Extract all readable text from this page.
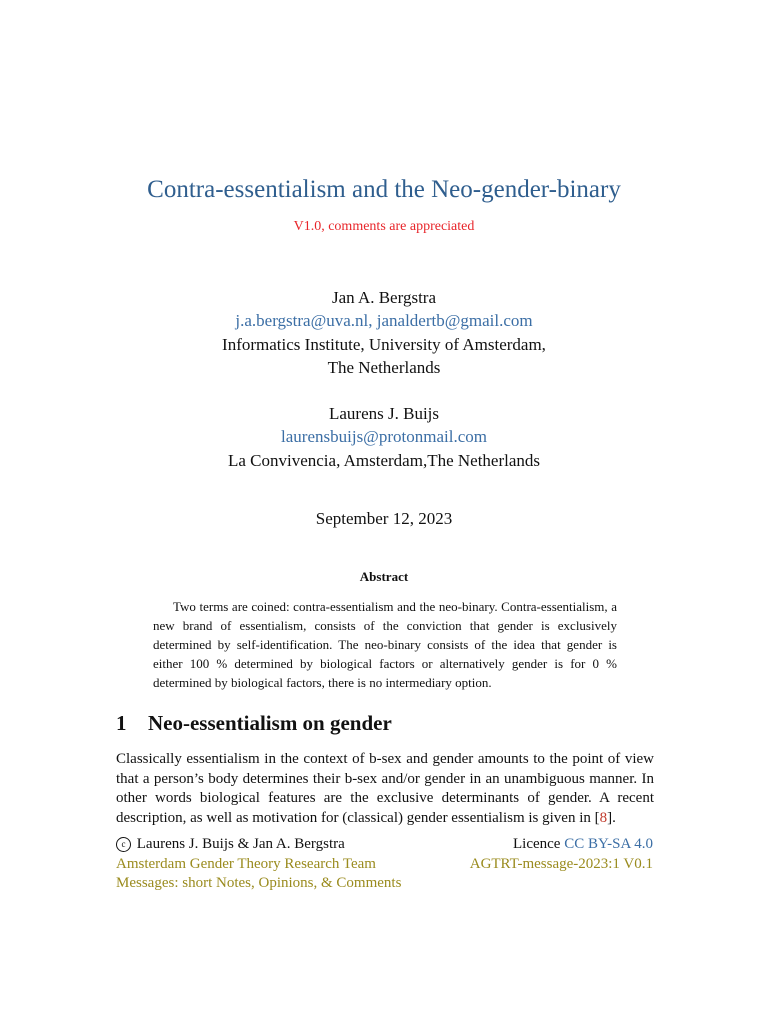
Contra-essentialism and the Neo-gender-binary
V1.0, comments are appreciated
Jan A. Bergstra
j.a.bergstra@uva.nl, janaldertb@gmail.com
Informatics Institute, University of Amsterdam,
The Netherlands
Laurens J. Buijs
laurensbuijs@protonmail.com
La Convivencia, Amsterdam,The Netherlands
September 12, 2023
Abstract

Two terms are coined: contra-essentialism and the neo-binary. Contra-essentialism, a new brand of essentialism, consists of the conviction that gender is exclusively determined by self-identification. The neo-binary consists of the idea that gender is either 100 % determined by biological factors or alternatively gender is for 0 % determined by biological factors, there is no intermediary option.

1 Neo-essentialism on gender

Classically essentialism in the context of b-sex and gender amounts to the point of view that a person’s body determines their b-sex and/or gender in an unambiguous manner. In other words biological features are the exclusive determinants of gender. A recent description, as well as motivation for (classical) gender essentialism is given in [8].

c Laurens J. Buijs & Jan A. Bergstra
Amsterdam Gender Theory Research Team
Messages: short Notes, Opinions, & Comments
Licence CC BY-SA 4.0
AGTRT-message-2023:1 V0.1
